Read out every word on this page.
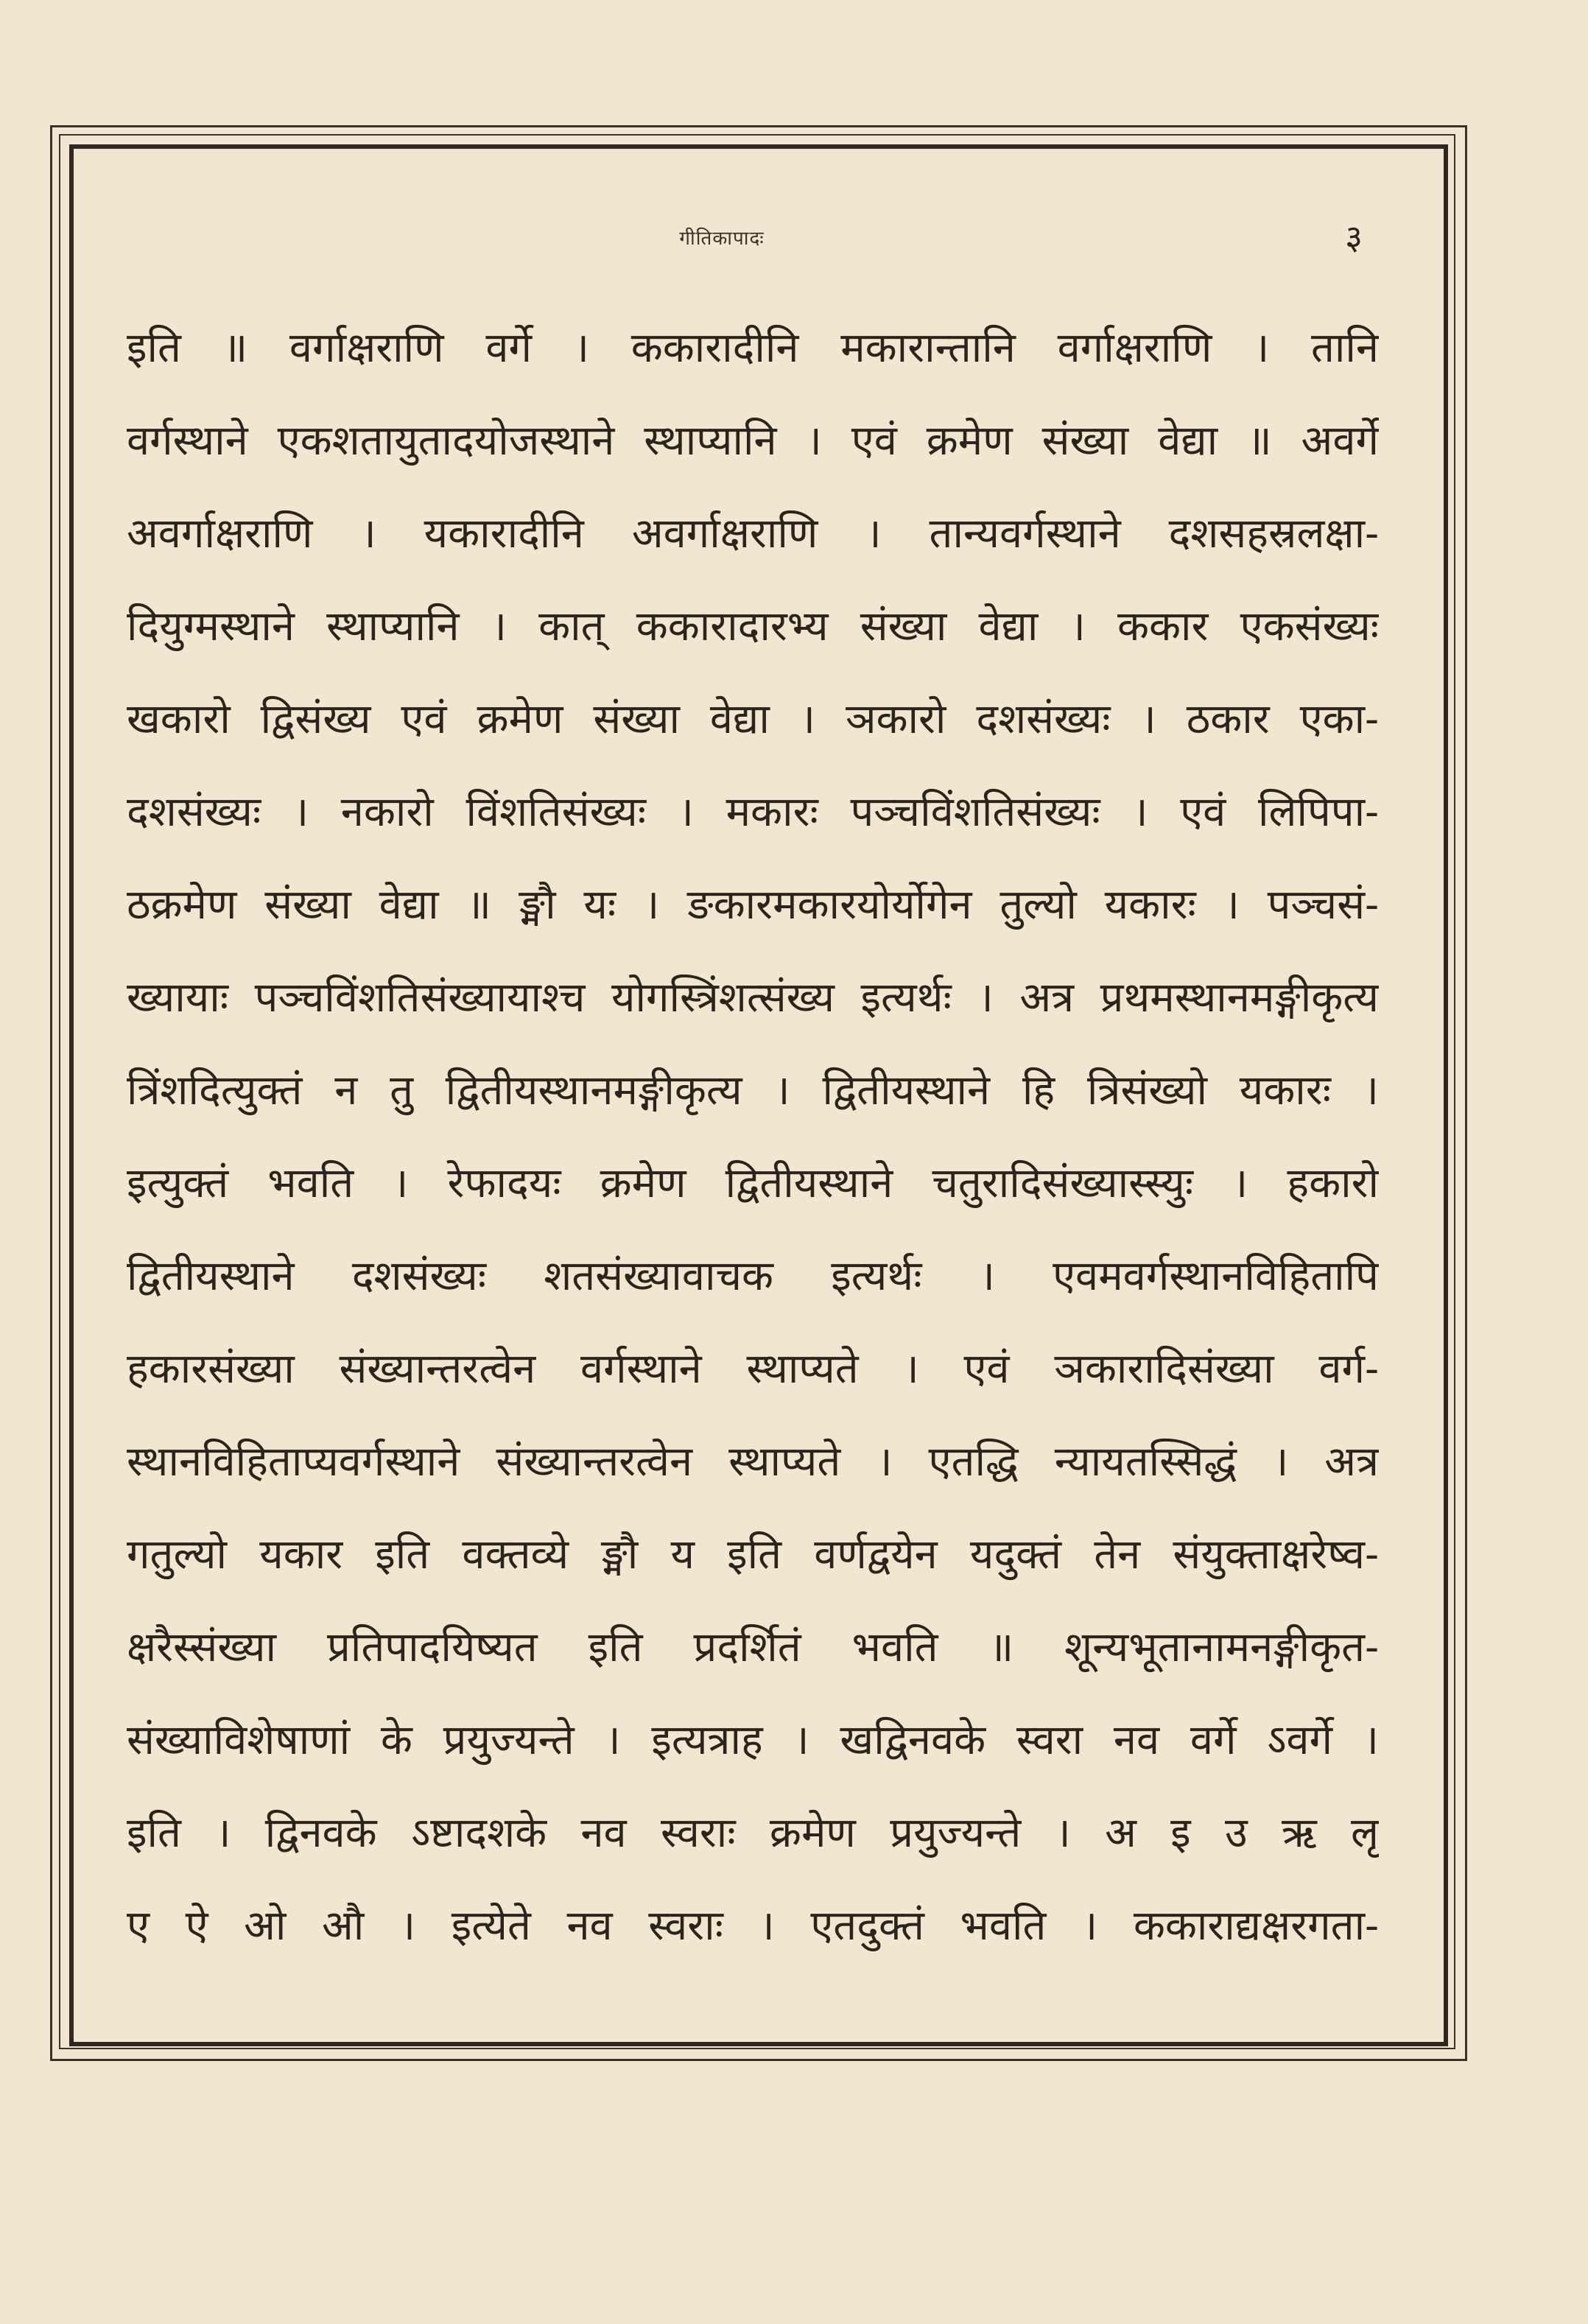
गीतिकापादः	३
इति ॥ वर्गाक्षराणि वर्गे । ककारादीनि मकारान्तानि वर्गाक्षराणि । तानि
वर्गस्थाने एकशतायुतादयोजस्थाने स्थाप्यानि । एवं क्रमेण संख्या वेद्या ॥ अवर्गे
अवर्गाक्षराणि । यकारादीनि अवर्गाक्षराणि । तान्यवर्गस्थाने दशसहस्रलक्षा-
दियुग्मस्थाने स्थाप्यानि । कात् ककारादारभ्य संख्या वेद्या । ककार एकसंख्यः
खकारो द्विसंख्य एवं क्रमेण संख्या वेद्या । ञकारो दशसंख्यः । ठकार एका-
दशसंख्यः । नकारो विंशतिसंख्यः । मकारः पञ्चविंशतिसंख्यः । एवं लिपिपा-
ठक्रमेण संख्या वेद्या ॥ ङ्मौ यः । ङकारमकारयोर्योगेन तुल्यो यकारः । पञ्चसं-
ख्यायाः पञ्चविंशतिसंख्यायाश्च योगस्त्रिंशत्संख्य इत्यर्थः । अत्र प्रथमस्थानमङ्गीकृत्य
त्रिंशदित्युक्तं न तु द्वितीयस्थानमङ्गीकृत्य । द्वितीयस्थाने हि त्रिसंख्यो यकारः ।
इत्युक्तं भवति । रेफादयः क्रमेण द्वितीयस्थाने चतुरादिसंख्यास्स्युः । हकारो
द्वितीयस्थाने दशसंख्यः शतसंख्यावाचक इत्यर्थः । एवमवर्गस्थानविहितापि
हकारसंख्या संख्यान्तरत्वेन वर्गस्थाने स्थाप्यते । एवं ञकारादिसंख्या वर्ग-
स्थानविहिताप्यवर्गस्थाने संख्यान्तरत्वेन स्थाप्यते । एतद्धि न्यायतस्सिद्धं । अत्र
गतुल्यो यकार इति वक्तव्ये ङ्मौ य इति वर्णद्वयेन यदुक्तं तेन संयुक्ताक्षरेष्व-
क्षरैस्संख्या प्रतिपादयिष्यत इति प्रदर्शितं भवति ॥ शून्यभूतानामनङ्गीकृत-
संख्याविशेषाणां के प्रयुज्यन्ते । इत्यत्राह । खद्विनवके स्वरा नव वर्गे ऽवर्गे ।
इति । द्विनवके ऽष्टादशके नव स्वराः क्रमेण प्रयुज्यन्ते । अ इ उ ऋ लृ
ए ऐ ओ औ । इत्येते नव स्वराः । एतदुक्तं भवति । ककाराद्यक्षरगता-
